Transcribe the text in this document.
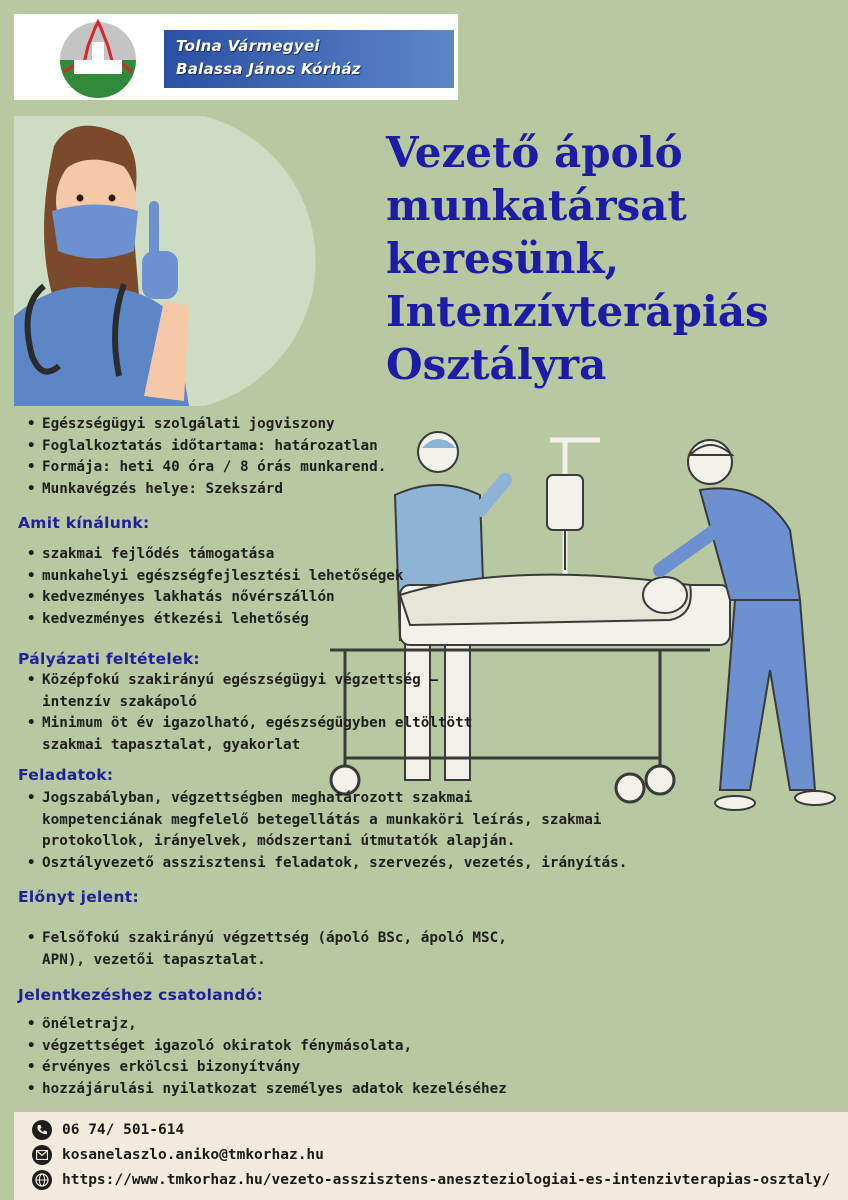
Tolna Vármegyei
Balassa János Kórház
Vezető ápoló
munkatársat
keresünk,
Intenzívterápiás
Osztályra
• Egészségügyi szolgálati jogviszony
• Foglalkoztatás időtartama: határozatlan
• Formája: heti 40 óra / 8 órás munkarend.
• Munkavégzés helye: Szekszárd
Amit kínálunk:
• szakmai fejlődés támogatása
• munkahelyi egészségfejlesztési lehetőségek
• kedvezményes lakhatás nővérszállón
• kedvezményes étkezési lehetőség
Pályázati feltételek:
• Középfokú szakirányú egészségügyi végzettség –
intenzív szakápoló
• Minimum öt év igazolható, egészségügyben eltöltött
szakmai tapasztalat, gyakorlat
Feladatok:
• Jogszabályban, végzettségben meghatározott szakmai
kompetenciának megfelelő betegellátás a munkaköri leírás, szakmai
protokollok, irányelvek, módszertani útmutatók alapján.
• Osztályvezető asszisztensi feladatok, szervezés, vezetés, irányítás.
Előnyt jelent:
• Felsőfokú szakirányú végzettség (ápoló BSc, ápoló MSC,
APN), vezetői tapasztalat.
Jelentkezéshez csatolandó:
• önéletrajz,
• végzettséget igazoló okiratok fénymásolata,
• érvényes erkölcsi bizonyítvány
• hozzájárulási nyilatkozat személyes adatok kezeléséhez
06 74/ 501-614
kosanelaszlo.aniko@tmkorhaz.hu
https://www.tmkorhaz.hu/vezeto-asszisztens-aneszteziologiai-es-intenzivterapias-osztaly/
